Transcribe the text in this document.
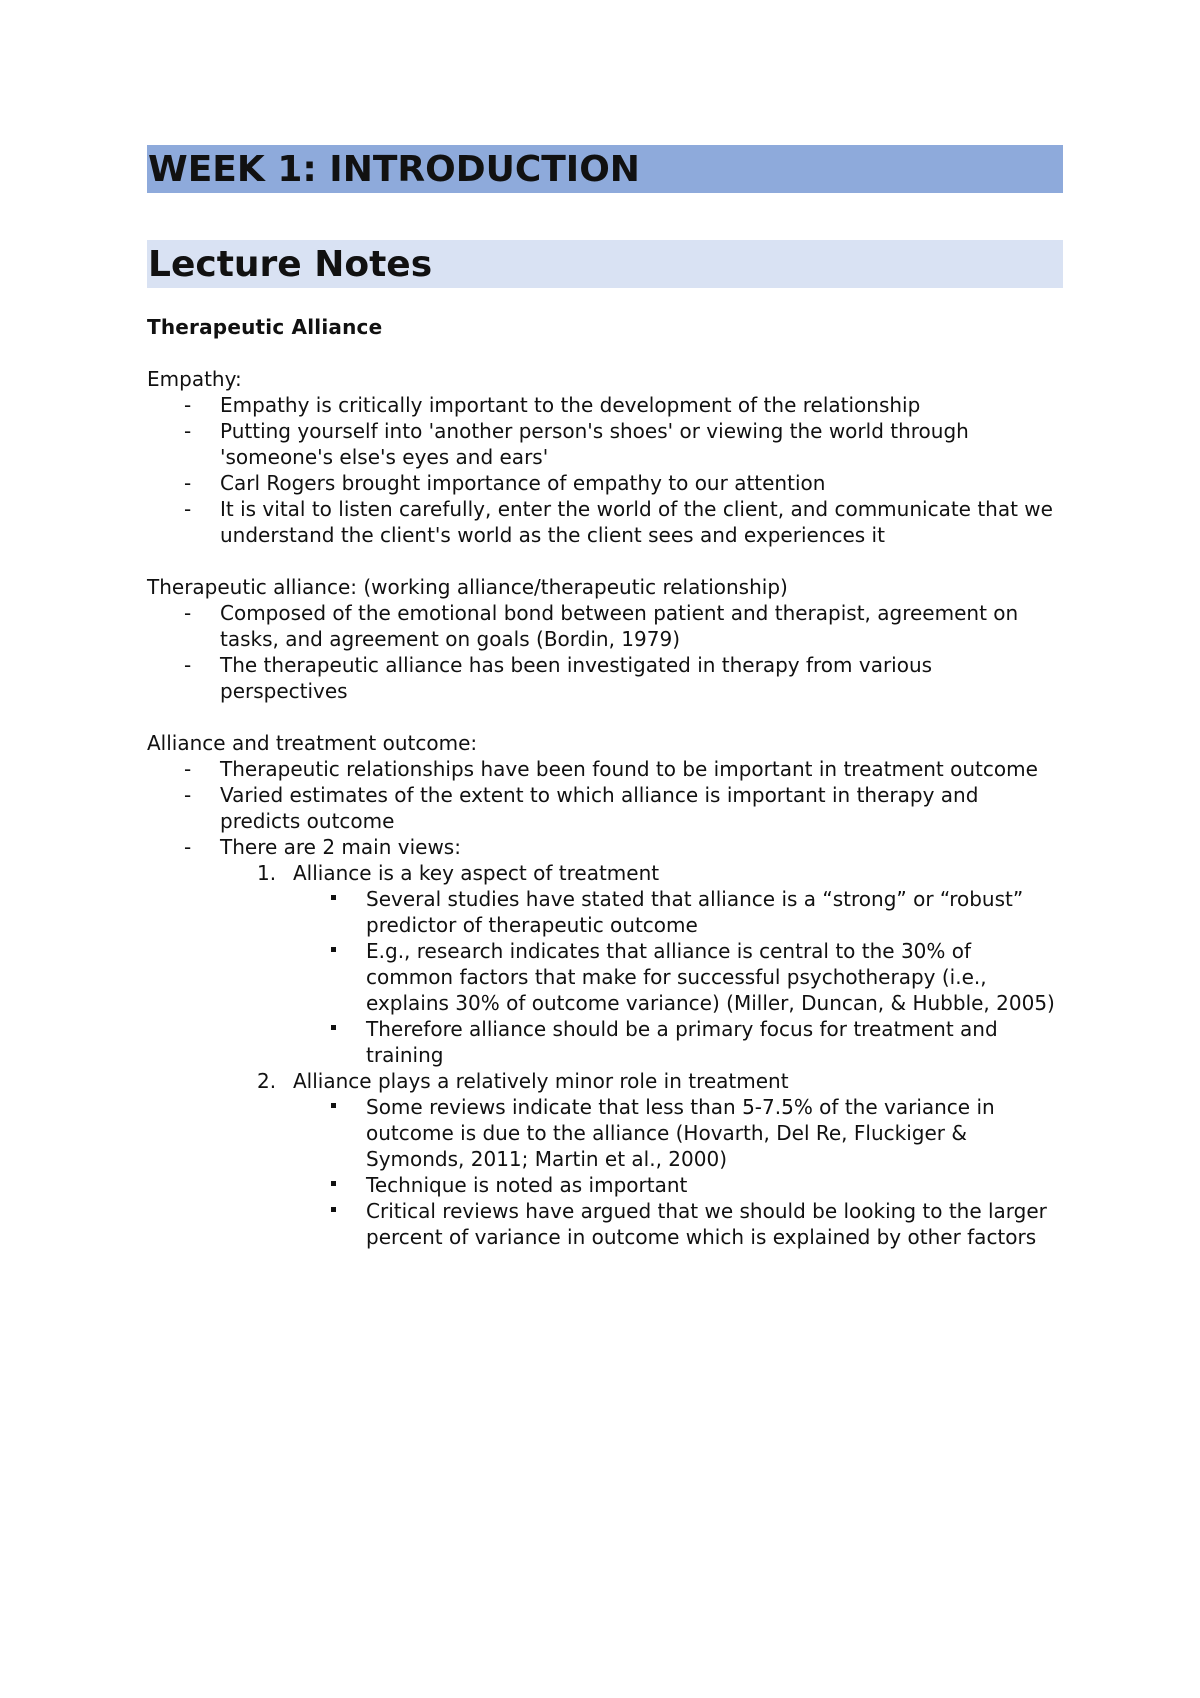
WEEK 1: INTRODUCTION
Lecture Notes

Therapeutic Alliance

Empathy:

- Empathy is critically important to the development of the relationship
- Putting yourself into 'another person's shoes' or viewing the world through 'someone's else's eyes and ears'
- Carl Rogers brought importance of empathy to our attention
- It is vital to listen carefully, enter the world of the client, and communicate that we understand the client's world as the client sees and experiences it

Therapeutic alliance: (working alliance/therapeutic relationship)

- Composed of the emotional bond between patient and therapist, agreement on tasks, and agreement on goals (Bordin, 1979)
- The therapeutic alliance has been investigated in therapy from various perspectives

Alliance and treatment outcome:

- Therapeutic relationships have been found to be important in treatment outcome
- Varied estimates of the extent to which alliance is important in therapy and predicts outcome
- There are 2 main views:
1. Alliance is a key aspect of treatment
Several studies have stated that alliance is a “strong” or “robust” predictor of therapeutic outcome
E.g., research indicates that alliance is central to the 30% of common factors that make for successful psychotherapy (i.e., explains 30% of outcome variance) (Miller, Duncan, & Hubble, 2005)
Therefore alliance should be a primary focus for treatment and training
2. Alliance plays a relatively minor role in treatment
Some reviews indicate that less than 5-7.5% of the variance in outcome is due to the alliance (Hovarth, Del Re, Fluckiger & Symonds, 2011; Martin et al., 2000)
Technique is noted as important
Critical reviews have argued that we should be looking to the larger percent of variance in outcome which is explained by other factors
